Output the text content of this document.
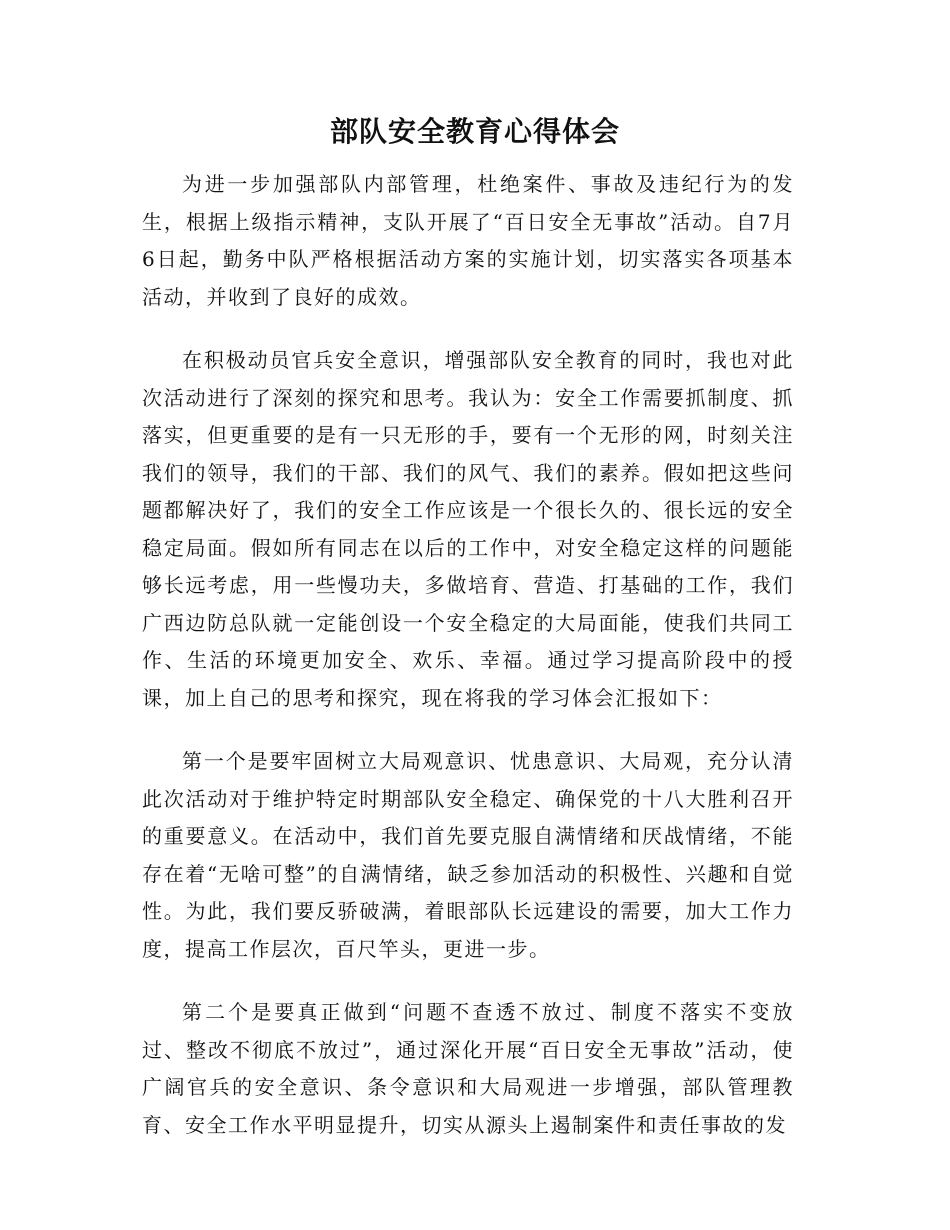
部队安全教育心得体会

为进一步加强部队内部管理，杜绝案件、事故及违纪行为的发生，根据上级指示精神，支队开展了“百日安全无事故”活动。自7月6日起，勤务中队严格根据活动方案的实施计划，切实落实各项基本活动，并收到了良好的成效。

在积极动员官兵安全意识，增强部队安全教育的同时，我也对此次活动进行了深刻的探究和思考。我认为：安全工作需要抓制度、抓落实，但更重要的是有一只无形的手，要有一个无形的网，时刻关注我们的领导，我们的干部、我们的风气、我们的素养。假如把这些问题都解决好了，我们的安全工作应该是一个很长久的、很长远的安全稳定局面。假如所有同志在以后的工作中，对安全稳定这样的问题能够长远考虑，用一些慢功夫，多做培育、营造、打基础的工作，我们广西边防总队就一定能创设一个安全稳定的大局面能，使我们共同工作、生活的环境更加安全、欢乐、幸福。通过学习提高阶段中的授课，加上自己的思考和探究，现在将我的学习体会汇报如下：

第一个是要牢固树立大局观意识、忧患意识、大局观，充分认清此次活动对于维护特定时期部队安全稳定、确保党的十八大胜利召开的重要意义。在活动中，我们首先要克服自满情绪和厌战情绪，不能存在着“无啥可整”的自满情绪，缺乏参加活动的积极性、兴趣和自觉性。为此，我们要反骄破满，着眼部队长远建设的需要，加大工作力度，提高工作层次，百尺竿头，更进一步。

第二个是要真正做到“问题不查透不放过、制度不落实不变放过、整改不彻底不放过”，通过深化开展“百日安全无事故”活动，使广阔官兵的安全意识、条令意识和大局观进一步增强，部队管理教育、安全工作水平明显提升，切实从源头上遏制案件和责任事故的发
